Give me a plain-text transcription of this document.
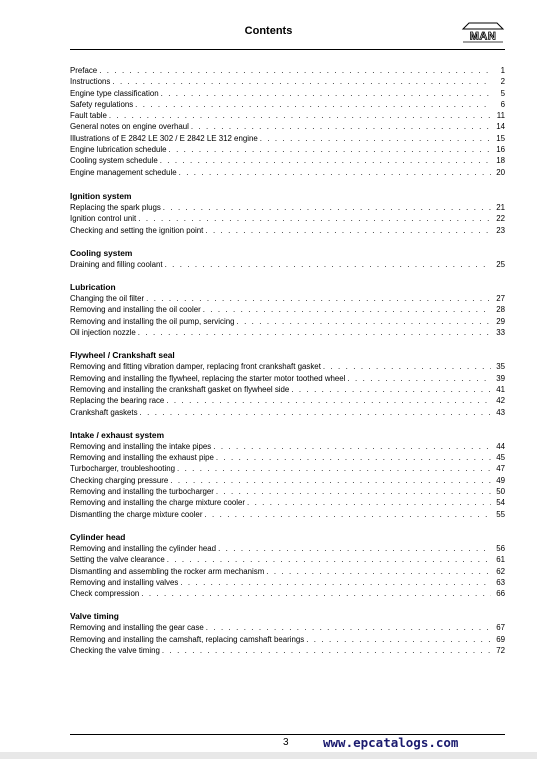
Contents	MAN
Preface . . .	1
Instructions . . .	2
Engine type classification . . .	5
Safety regulations . . .	6
Fault table . . .	11
General notes on engine overhaul . . .	14
Illustrations of E 2842 LE 302 / E 2842 LE 312 engine . . .	15
Engine lubrication schedule . . .	16
Cooling system schedule . . .	18
Engine management schedule . . .	20
Ignition system
Replacing the spark plugs . . .	21
Ignition control unit . . .	22
Checking and setting the ignition point . . .	23
Cooling system
Draining and filling coolant . . .	25
Lubrication
Changing the oil filter . . .	27
Removing and installing the oil cooler . . .	28
Removing and installing the oil pump, servicing . . .	29
Oil injection nozzle . . .	33
Flywheel / Crankshaft seal
Removing and fitting vibration damper, replacing front crankshaft gasket . . .	35
Removing and installing the flywheel, replacing the starter motor toothed wheel . . .	39
Removing and installing the crankshaft gasket on flywheel side . . .	41
Replacing the bearing race . . .	42
Crankshaft gaskets . . .	43
Intake / exhaust system
Removing and installing the intake pipes . . .	44
Removing and installing the exhaust pipe . . .	45
Turbocharger, troubleshooting . . .	47
Checking charging pressure . . .	49
Removing and installing the turbocharger . . .	50
Removing and installing the charge mixture cooler . . .	54
Dismantling the charge mixture cooler . . .	55
Cylinder head
Removing and installing the cylinder head . . .	56
Setting the valve clearance . . .	61
Dismantling and assembling the rocker arm mechanism . . .	62
Removing and installing valves . . .	63
Check compression . . .	66
Valve timing
Removing and installing the gear case . . .	67
Removing and installing the camshaft, replacing camshaft bearings . . .	69
Checking the valve timing . . .	72
3	www.epcatalogs.com
